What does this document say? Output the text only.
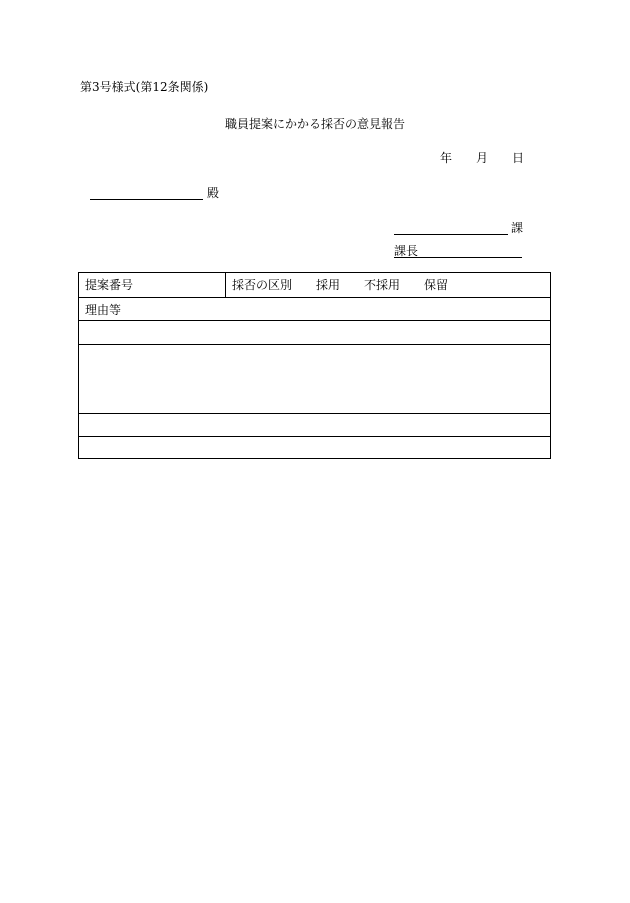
第3号様式(第12条関係)
職員提案にかかる採否の意見報告
年 月 日
殿
課
課長
提案番号	採否の区別 採用 不採用 保留
理由等
